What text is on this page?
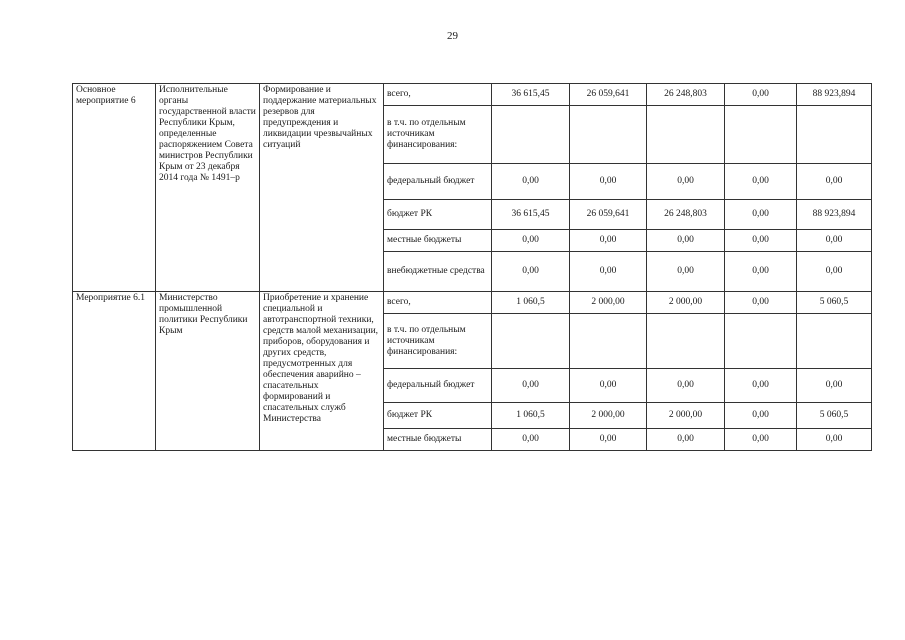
29
Основное мероприятие 6	Исполнительные органы государственной власти Республики Крым, определенные распоряжением Совета министров Республики Крым от 23 декабря 2014 года № 1491–р	Формирование и поддержание материальных резервов для предупреждения и ликвидации чрезвычайных ситуаций	всего,	36 615,45	26 059,641	26 248,803	0,00	88 923,894
			в т.ч. по отдельным источникам финансирования:					
			федеральный бюджет	0,00	0,00	0,00	0,00	0,00
			бюджет РК	36 615,45	26 059,641	26 248,803	0,00	88 923,894
			местные бюджеты	0,00	0,00	0,00	0,00	0,00
			внебюджетные средства	0,00	0,00	0,00	0,00	0,00
Мероприятие 6.1	Министерство промышленной политики Республики Крым	Приобретение и хранение специальной и автотранспортной техники, средств малой механизации, приборов, оборудования и других средств, предусмотренных для обеспечения аварийно – спасательных формирований и спасательных служб Министерства	всего,	1 060,5	2 000,00	2 000,00	0,00	5 060,5
			в т.ч. по отдельным источникам финансирования:					
			федеральный бюджет	0,00	0,00	0,00	0,00	0,00
			бюджет РК	1 060,5	2 000,00	2 000,00	0,00	5 060,5
			местные бюджеты	0,00	0,00	0,00	0,00	0,00
